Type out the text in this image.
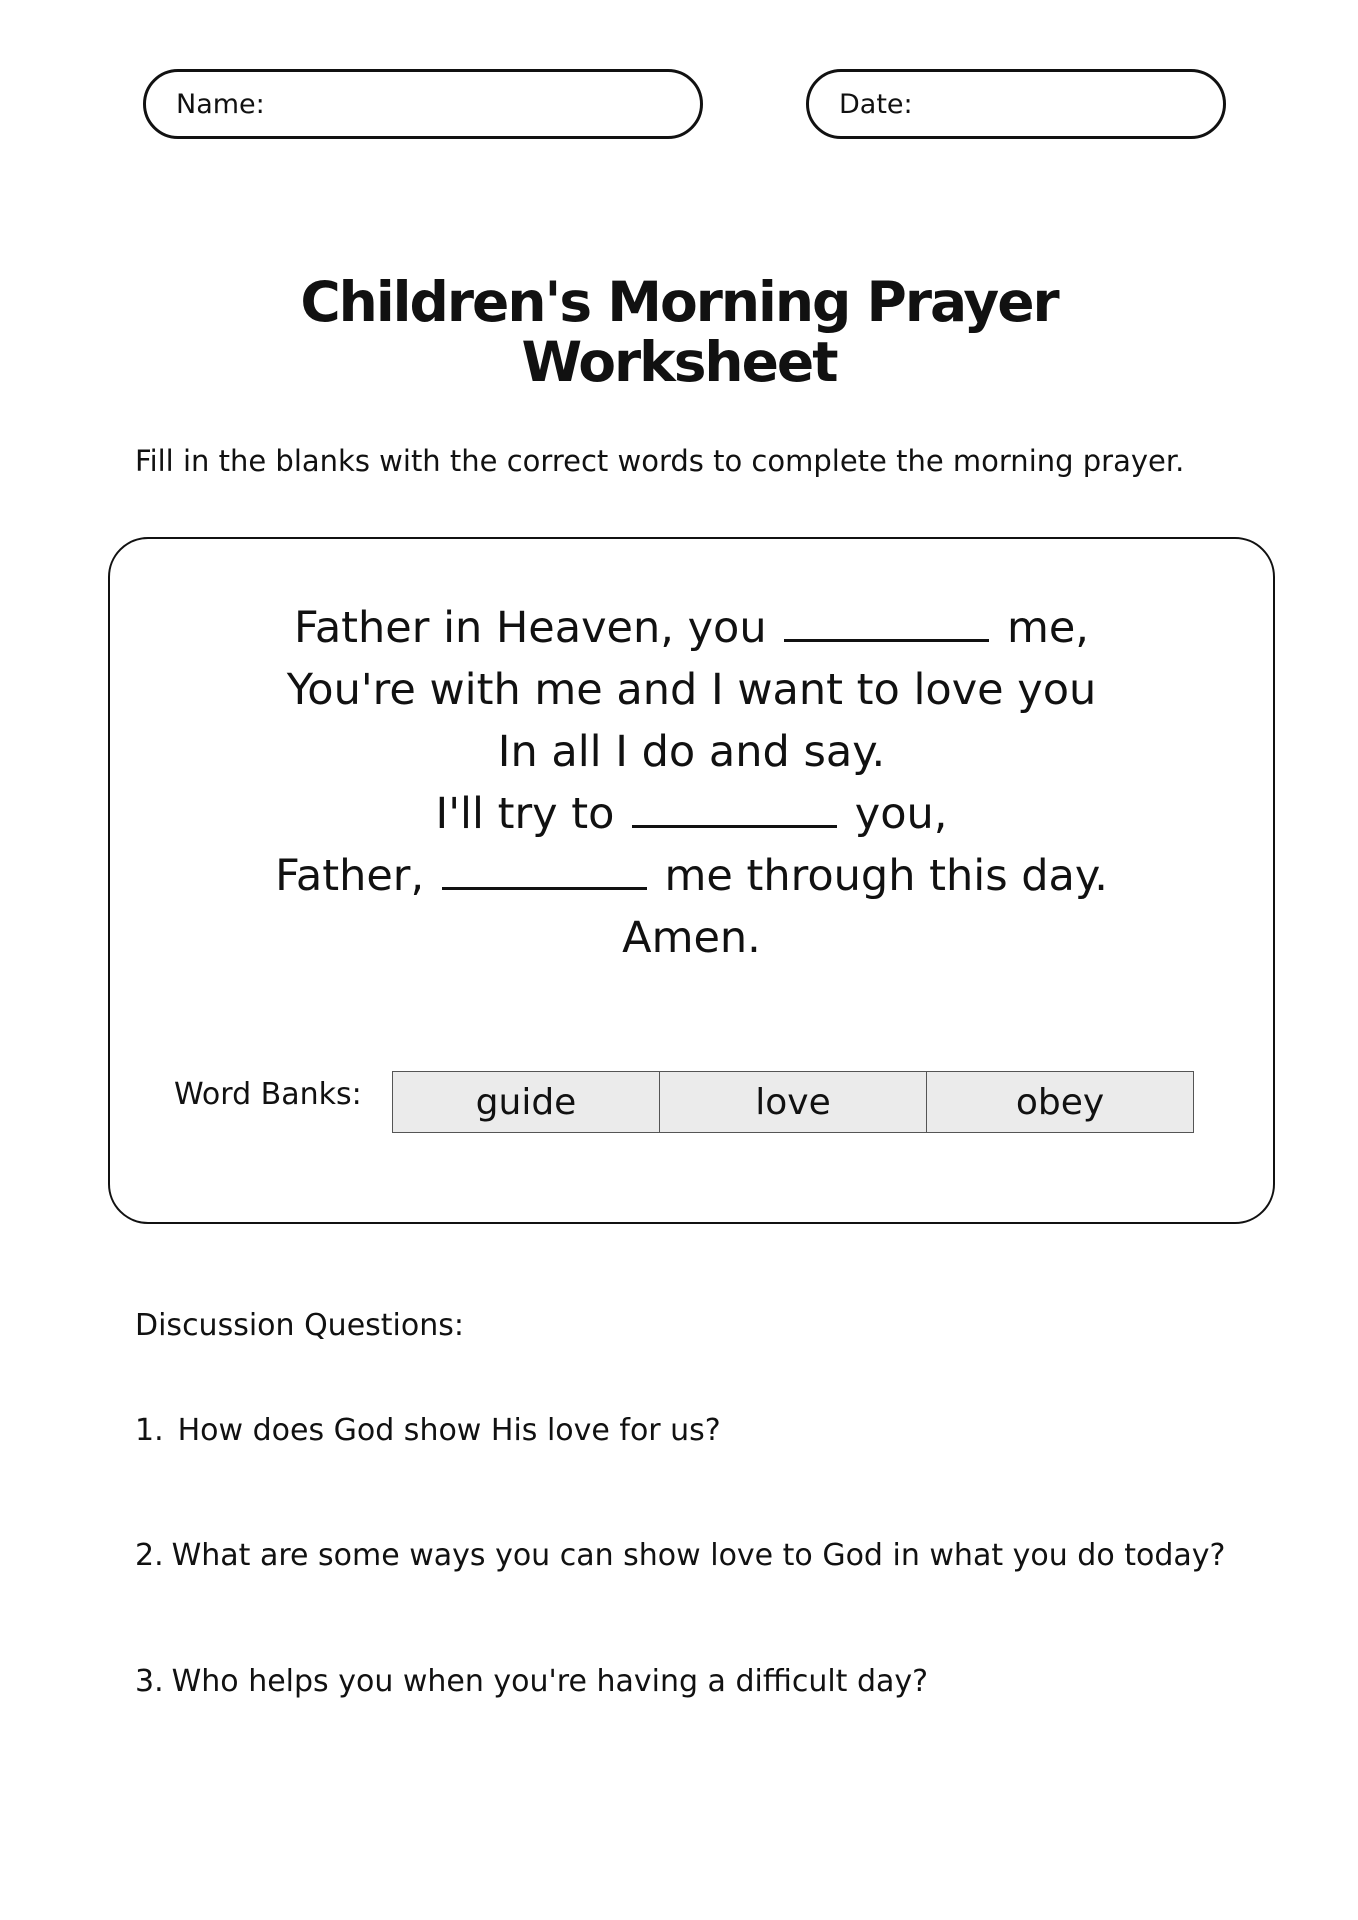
Name:	Date:
Children's Morning Prayer
Worksheet
Fill in the blanks with the correct words to complete the morning prayer.
Father in Heaven, you	me,
You're with me and I want to love you
In all I do and say.
I'll try to	you,
Father,	me through this day.
Amen.
Word Banks:	guide	love	obey
Discussion Questions:
1. How does God show His love for us?
2. What are some ways you can show love to God in what you do today?
3. Who helps you when you're having a difficult day?
